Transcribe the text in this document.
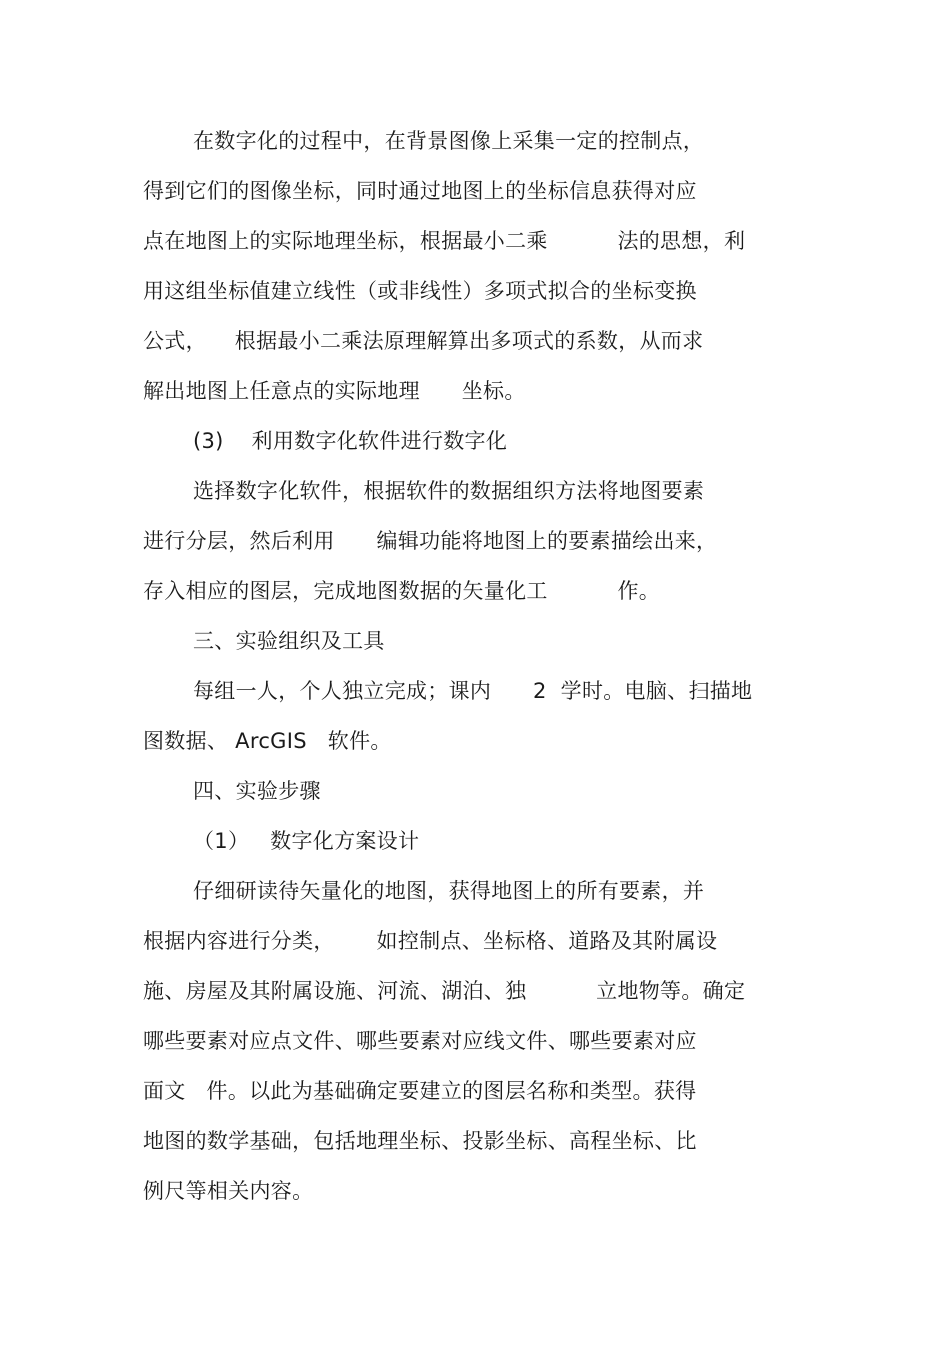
在数字化的过程中，在背景图像上采集一定的控制点，
得到它们的图像坐标，同时通过地图上的坐标信息获得对应
点在地图上的实际地理坐标，根据最小二乘          法的思想，利
用这组坐标值建立线性（或非线性）多项式拟合的坐标变换
公式，    根据最小二乘法原理解算出多项式的系数，从而求
解出地图上任意点的实际地理      坐标。
(3)    利用数字化软件进行数字化
选择数字化软件，根据软件的数据组织方法将地图要素
进行分层，然后利用      编辑功能将地图上的要素描绘出来，
存入相应的图层，完成地图数据的矢量化工          作。
三、实验组织及工具
每组一人，个人独立完成；课内      2  学时。电脑、扫描地
图数据、 ArcGIS   软件。
四、实验步骤
（1）   数字化方案设计
仔细研读待矢量化的地图，获得地图上的所有要素，并
根据内容进行分类，      如控制点、坐标格、道路及其附属设
施、房屋及其附属设施、河流、湖泊、独          立地物等。确定
哪些要素对应点文件、哪些要素对应线文件、哪些要素对应
面文   件。以此为基础确定要建立的图层名称和类型。获得
地图的数学基础，包括地理坐标、投影坐标、高程坐标、比
例尺等相关内容。
